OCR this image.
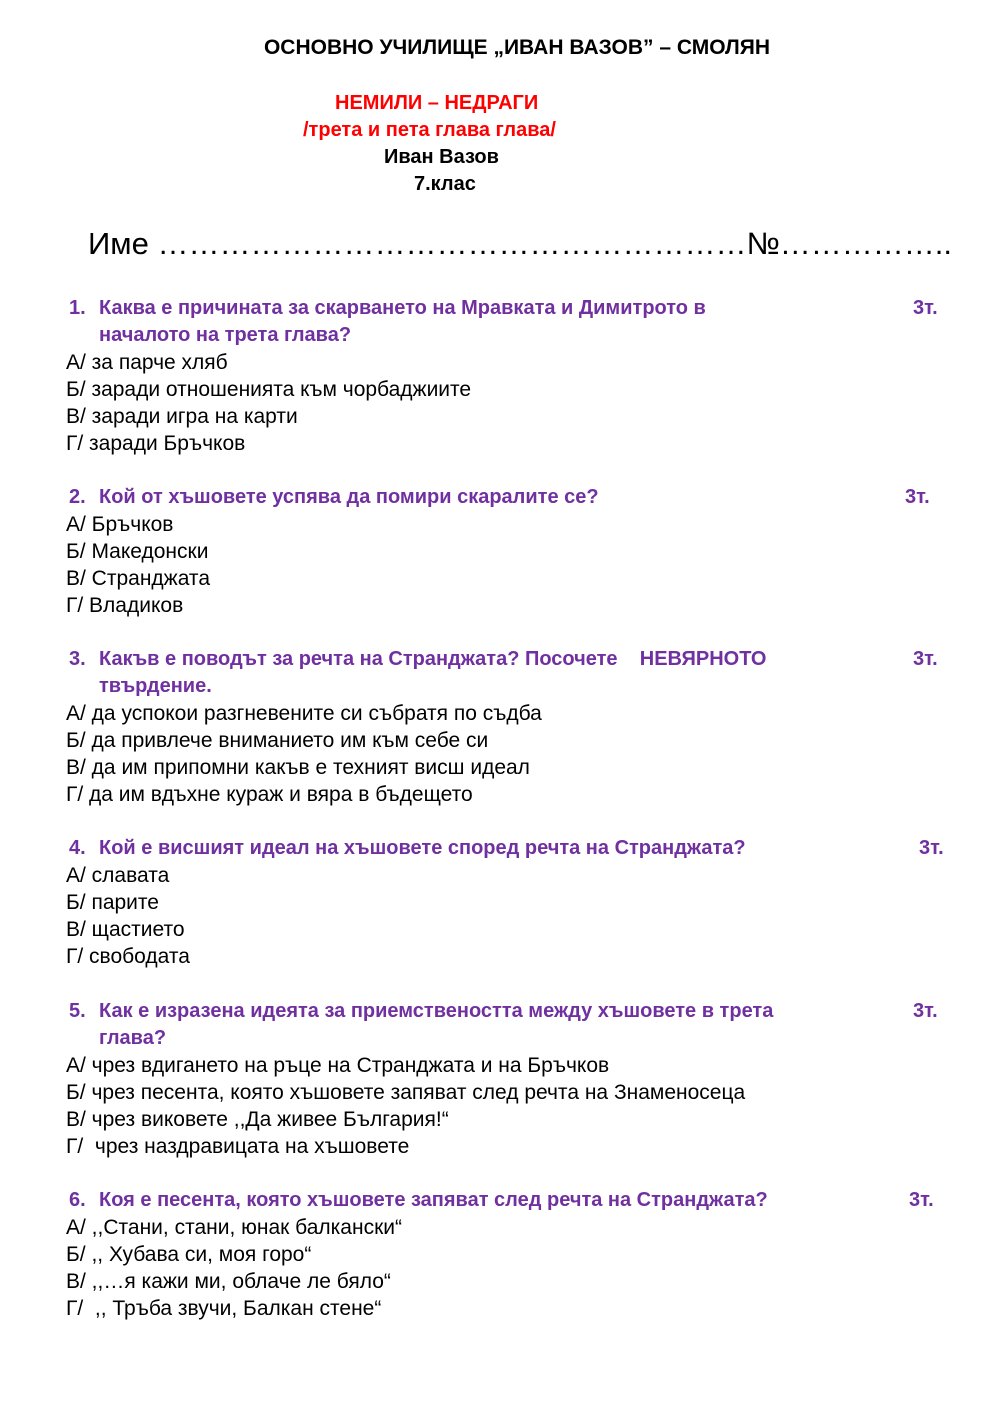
ОСНОВНО УЧИЛИЩЕ „ИВАН ВАЗОВ” – СМОЛЯН
НЕМИЛИ – НЕДРАГИ
/трета и пета глава глава/
Иван Вазов
7.клас
Име …………………………………………………№……………..
1. Каква е причината за скарването на Мравката и Димитрото в
началото на трета глава?
3т.
А/ за парче хляб
Б/ заради отношенията към чорбаджиите
В/ заради игра на карти
Г/ заради Бръчков
2. Кой от хъшовете успява да помири скаралите се?	3т.
А/ Бръчков
Б/ Македонски
В/ Странджата
Г/ Владиков
3. Какъв е поводът за речта на Странджата? Посочете    НЕВЯРНОТО
твърдение.
3т.
А/ да успокои разгневените си събратя по съдба
Б/ да привлече вниманието им към себе си
В/ да им припомни какъв е техният висш идеал
Г/ да им вдъхне кураж и вяра в бъдещето
4. Кой е висшият идеал на хъшовете според речта на Странджата?	3т.
А/ славата
Б/ парите
В/ щастието
Г/ свободата
5. Как е изразена идеята за приемствеността между хъшовете в трета
глава?
3т.
А/ чрез вдигането на ръце на Странджата и на Бръчков
Б/ чрез песента, която хъшовете запяват след речта на Знаменосеца
В/ чрез виковете ,,Да живее България!“
Г/  чрез наздравицата на хъшовете
6. Коя е песента, която хъшовете запяват след речта на Странджата?	3т.
А/ ,,Стани, стани, юнак балкански“
Б/ ,, Хубава си, моя горо“
В/ ,,…я кажи ми, облаче ле бяло“
Г/  ,, Тръба звучи, Балкан стене“
